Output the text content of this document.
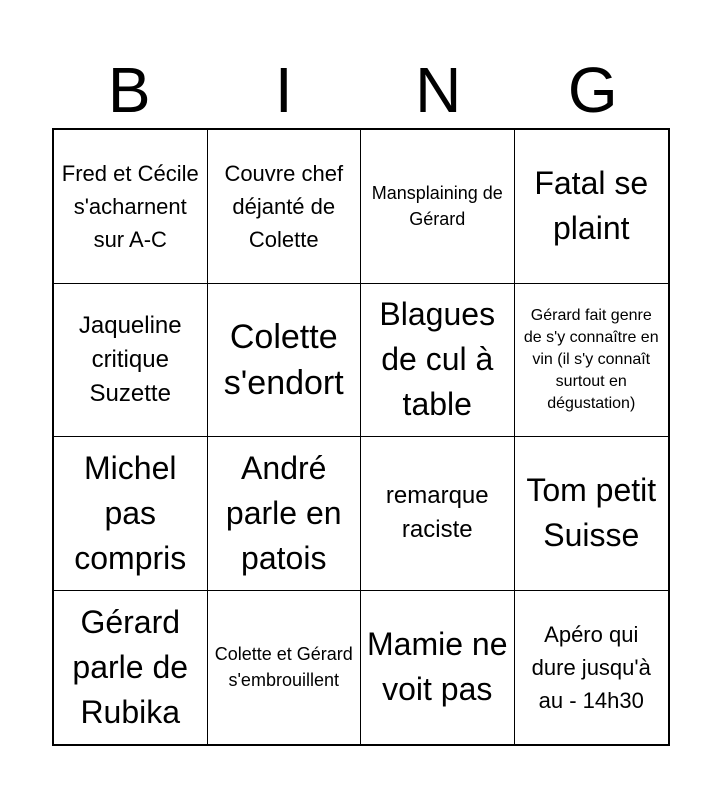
B	I	N	G
Fred et Cécile s'acharnent sur A-C
Couvre chef déjanté de Colette
Mansplaining de Gérard
Fatal se plaint
Jaqueline critique Suzette
Colette s'endort
Blagues de cul à table
Gérard fait genre de s'y connaître en vin (il s'y connaît surtout en dégustation)
Michel pas compris
André parle en patois
remarque raciste
Tom petit Suisse
Gérard parle de Rubika
Colette et Gérard s'embrouillent
Mamie ne voit pas
Apéro qui dure jusqu'à au - 14h30
